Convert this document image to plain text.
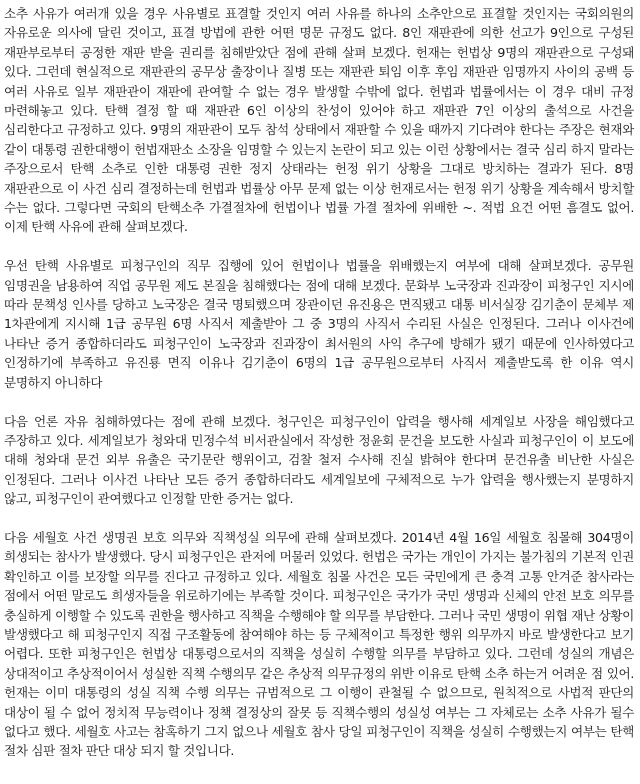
소추 사유가 여러개 있을 경우 사유별로 표결할 것인지 여러 사유를 하나의 소추안으로 표결할 것인지는 국회의원의 자유로운 의사에 달린 것이고, 표결 방법에 관한 어떤 명문 규정도 없다. 8인 재판관에 의한 선고가 9인으로 구성된 재판부로부터 공정한 재판 받을 권리를 침해받았단 점에 관해 살펴 보겠다. 헌재는 헌법상 9명의 재판관으로 구성돼 있다. 그런데 현실적으로 재판관의 공무상 출장이나 질병 또는 재판관 퇴임 이후 후임 재판관 임명까지 사이의 공백 등 여러 사유로 일부 재판관이 재판에 관여할 수 없는 경우 발생할 수밖에 없다. 헌법과 법률에서는 이 경우 대비 규정 마련해놓고 있다. 탄핵 결정 할 때 재판관 6인 이상의 찬성이 있어야 하고 재판관 7인 이상의 출석으로 사건을 심리한다고 규정하고 있다. 9명의 재판관이 모두 참석 상태에서 재판할 수 있을 때까지 기다려야 한다는 주장은 현재와 같이 대통령 권한대행이 헌법재판소 소장을 임명할 수 있는지 논란이 되고 있는 이런 상황에서는 결국 심리 하지 말라는 주장으로서 탄핵 소추로 인한 대통령 권한 정지 상태라는 헌정 위기 상황을 그대로 방치하는 결과가 된다. 8명 재판관으로 이 사건 심리 결정하는데 헌법과 법률상 아무 문제 없는 이상 헌재로서는 헌정 위기 상황을 계속해서 방치할 수는 없다. 그렇다면 국회의 탄핵소추 가결절차에 헌법이나 법률 가결 절차에 위배한 ~. 적법 요건 어떤 흠결도 없어. 이제 탄핵 사유에 관해 살펴보겠다.

우선 탄핵 사유별로 피청구인의 직무 집행에 있어 헌법이나 법률을 위배했는지 여부에 대해 살펴보겠다. 공무원 임명권을 남용하여 직업 공무원 제도 본질을 침해했다는 점에 대해 보겠다. 문화부 노국장과 진과장이 피청구인 지시에 따라 문책성 인사를 당하고 노국장은 결국 명퇴했으며 장관이던 유진용은 면직됐고 대통 비서실장 김기춘이 문체부 제 1차관에게 지시해 1급 공무원 6명 사직서 제출받아 그 중 3명의 사직서 수리된 사실은 인정된다. 그러나 이사건에 나타난 증거 종합하더라도 피청구인이 노국장과 진과장이 최서원의 사익 추구에 방해가 됐기 때문에 인사하였다고 인정하기에 부족하고 유진룡 면직 이유나 김기춘이 6명의 1급 공무원으로부터 사직서 제출받도록 한 이유 역시 분명하지 아니하다

다음 언론 자유 침해하였다는 점에 관해 보겠다. 청구인은 피청구인이 압력을 행사해 세계일보 사장을 해임했다고 주장하고 있다. 세계일보가 청와대 민정수석 비서관실에서 작성한 정윤회 문건을 보도한 사실과 피청구인이 이 보도에 대해 청와대 문건 외부 유출은 국기문란 행위이고, 검찰 철저 수사해 진실 밝혀야 한다며 문건유출 비난한 사실은 인정된다. 그러나 이사건 나타난 모든 증거 종합하더라도 세계일보에 구체적으로 누가 압력을 행사했는지 분명하지 않고, 피청구인이 관여했다고 인정할 만한 증거는 없다.

다음 세월호 사건 생명권 보호 의무와 직책성실 의무에 관해 살펴보겠다. 2014년 4월 16일 세월호 침몰해 304명이 희생되는 참사가 발생했다. 당시 피청구인은 관저에 머물러 있었다. 헌법은 국가는 개인이 가지는 불가침의 기본적 인권 확인하고 이를 보장할 의무를 진다고 규정하고 있다. 세월호 침몰 사건은 모든 국민에게 큰 충격 고통 안겨준 참사라는 점에서 어떤 말로도 희생자들을 위로하기에는 부족할 것이다. 피청구인은 국가가 국민 생명과 신체의 안전 보호 의무를 충실하게 이행할 수 있도록 권한을 행사하고 직책을 수행해야 할 의무를 부담한다. 그러나 국민 생명이 위협 재난 상황이 발생했다고 해 피청구인지 직접 구조활동에 참여해야 하는 등 구체적이고 특정한 행위 의무까지 바로 발생한다고 보기 어렵다. 또한 피청구인은 헌법상 대통령으로서의 직책을 성실히 수행할 의무를 부담하고 있다. 그런데 성실의 개념은 상대적이고 추상적이어서 성실한 직책 수행의무 같은 추상적 의무규정의 위반 이유로 탄핵 소추 하는거 어려운 점 있어. 헌재는 이미 대통령의 성실 직책 수행 의무는 규범적으로 그 이행이 관철될 수 없으므로, 원칙적으로 사법적 판단의 대상이 될 수 없어 정치적 무능력이나 정책 결정상의 잘못 등 직책수행의 성실성 여부는 그 자체로는 소추 사유가 될수 없다고 했다. 세월호 사고는 참혹하기 그지 없으나 세월호 참사 당일 피청구인이 직책을 성실히 수행했는지 여부는 탄핵 절차 심판 절차 판단 대상 되지 할 것입니다.
